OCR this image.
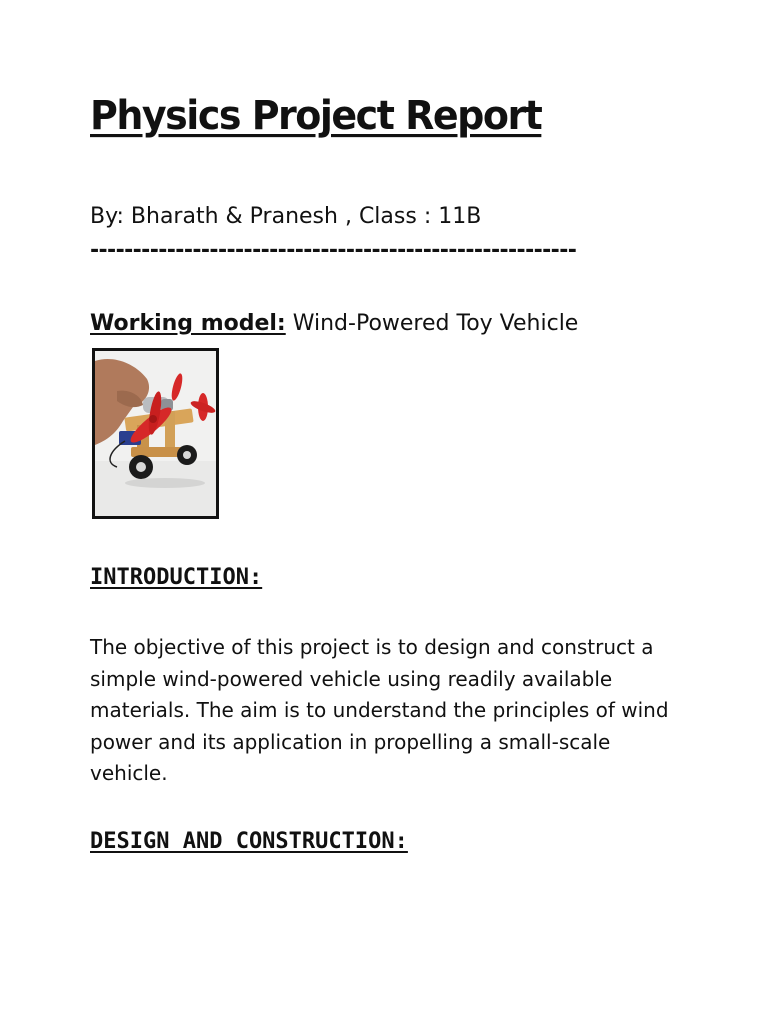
Physics Project Report
By: Bharath & Pranesh , Class : 11B
---------------------------------------------------------
Working model: Wind-Powered Toy Vehicle
INTRODUCTION:

The objective of this project is to design and construct a simple wind-powered vehicle using readily available materials. The aim is to understand the principles of wind power and its application in propelling a small-scale vehicle.

DESIGN AND CONSTRUCTION:
